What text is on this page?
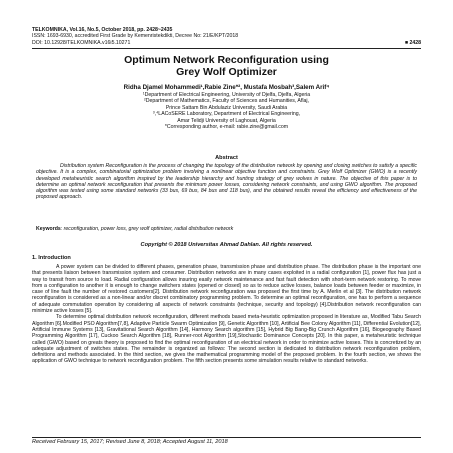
TELKOMNIKA, Vol.16, No.5, October 2018, pp. 2428~2435
ISSN: 1693-6930, accredited First Grade by Kemenristekdikti, Decree No: 21/E/KPT/2018
DOI: 10.12928/TELKOMNIKA.v16i5.10271	■ 2428
Optimum Network Reconfiguration using
Grey Wolf Optimizer
Ridha Djamel Mohammedi¹,Rabie Zine*², Mustafa Mosbah³,Salem Arif⁴
¹Department of Electrical Engineering, University of Djelfa, Djelfa, Algeria
²Department of Mathematics, Faculty of Sciences and Humanities, Aflaj,
Prince Sattam Bin Abdulaziz University, Saudi Arabia
³,⁴LACoSERE Laboratory, Department of Electrical Engineering,
Amar Telidji University of Laghouat, Algeria
*Corresponding author, e-mail: rabie.zine@gmail.com
Abstract
Distribution system Reconfiguration is the process of changing the topology of the distribution network by opening and closing switches to satisfy a specific objective. It is a complex, combinatorial optimization problem involving a nonlinear objective function and constraints. Grey Wolf Optimizer (GWO) is a recently developed metaheuristic search algorithm inspired by the leadership hierarchy and hunting strategy of grey wolves in nature. The objective of this paper is to determine an optimal network reconfiguration that presents the minimum power losses, considering network constraints, and using GWO algorithm. The proposed algorithm was tested using some standard networks (33 bus, 69 bus, 84 bus and 118 bus), and the obtained results reveal the efficiency and effectiveness of the proposed approach.
Keywords: reconfiguration, power loss, grey wolf optimizer, radial distribution network
Copyright © 2018 Universitas Ahmad Dahlan. All rights reserved.
1. Introduction

A power system can be divided to different phases, generation phase, transmission phase and distribution phase. The distribution phase is the important one that presents liaison between transmission system and consumer. Distribution networks are in many cases exploited in a radial configuration [1], power flux has just a way to transit from source to load. Radial configuration allows insuring easily network maintenance and fast fault detection with short-term network restoring. To move from a configuration to another it is enough to change switchers states (opened or closed) so as to reduce active losses, balance loads between feeder or maximize, in case of line fault the number of restored customers[2]. Distribution network reconfiguration was proposed the first time by A. Merlin et al [3]. The distribution network reconfiguration is considered as a non-linear and/or discret combinatory programming problem. To determine an optimal reconfiguration, one has to perform a sequence of adequate commutation operation by considering all aspects of network constraints (technique, security and topology) [4].Distribution network reconfiguration can minimize active losses [5].

To determine optimal distribution network reconfiguration, different methods based meta-heuristic optimization proposed in literature as, Modified Tabu Search Algorithm [6].Modified PSO Algorithm[7,8], Adaptive Particle Swarm Optimization [9], Genetic Algorithm [10], Artificial Bee Colony Algorithm [11], Differential Evolution[12], Artificial Immune Systems [13], Gravitational Search Algorithm [14], Harmony Search algorithm [15], Hybrid Big Bang-Big Crunch Algorithm [16], Biogeography Based Programming Algorithm [17], Cuckoo Search Algorithm [18], Runner-root Algorithm [19],Stochastic Dominance Concepts [20]. In this paper, a metaheuristic technique called (GWO) based on greats theory is proposed to find the optimal reconfiguration of an electrical network in order to minimize active losses. This is concretized by an adequate adjustment of switches states. The remainder is organized as follows: The second section is dedicated to distribution network reconfiguration problem, definitions and methods associated. In the third section, we gives the mathematical programming model of the proposed problem. In the fourth section, we shows the application of GWO technique to network reconfiguration problem. The fifth section presents some simulation results relative to standard networks.

Received February 15, 2017; Revised June 8, 2018; Accepted August 11, 2018
